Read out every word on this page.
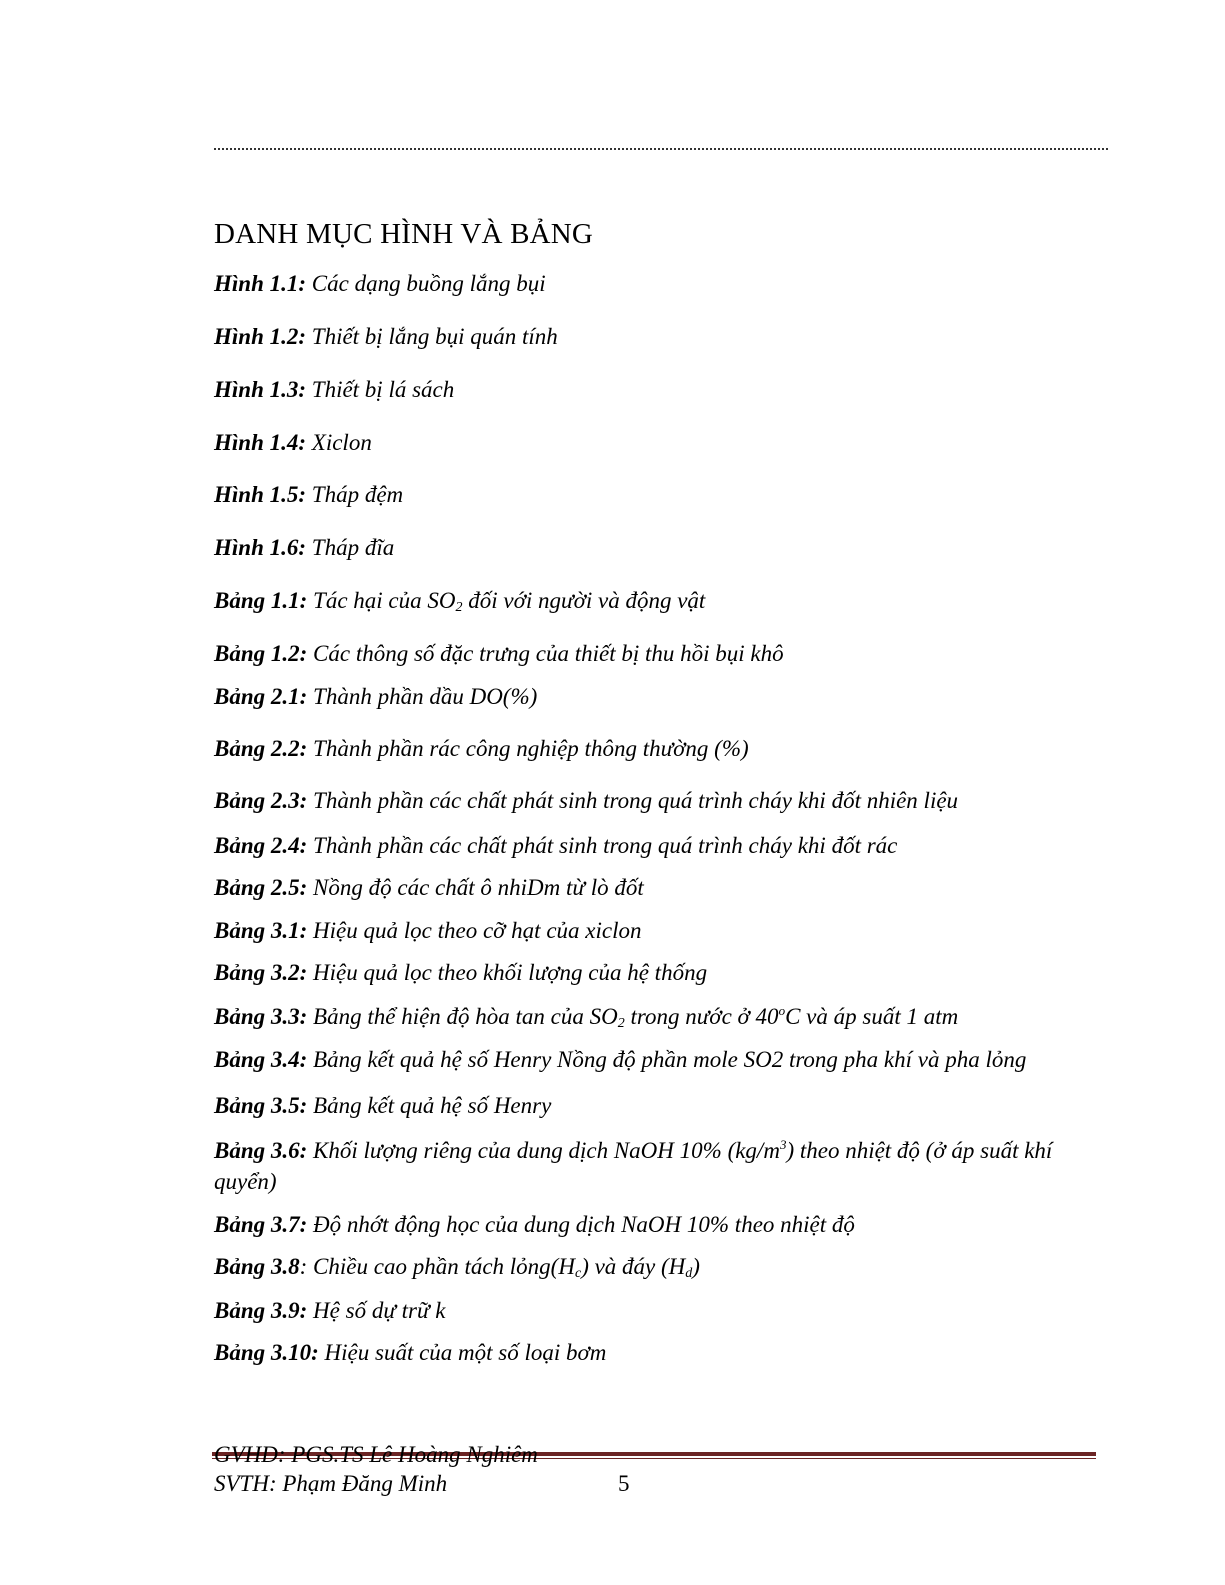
DANH MỤC HÌNH VÀ BẢNG
Hình 1.1: Các dạng buồng lắng bụi
Hình 1.2: Thiết bị lắng bụi quán tính
Hình 1.3: Thiết bị lá sách
Hình 1.4: Xiclon
Hình 1.5: Tháp đệm
Hình 1.6: Tháp đĩa
Bảng 1.1: Tác hại của $SO_2$ đối với người và động vật
Bảng 1.2: Các thông số đặc trưng của thiết bị thu hồi bụi khô
Bảng 2.1: Thành phần dầu DO(%)
Bảng 2.2: Thành phần rác công nghiệp thông thường (%)
Bảng 2.3: Thành phần các chất phát sinh trong quá trình cháy khi đốt nhiên liệu
Bảng 2.4: Thành phần các chất phát sinh trong quá trình cháy khi đốt rác
Bảng 2.5: Nồng độ các chất ô nhiDm từ lò đốt
Bảng 3.1: Hiệu quả lọc theo cỡ hạt của xiclon
Bảng 3.2: Hiệu quả lọc theo khối lượng của hệ thống
Bảng 3.3: Bảng thể hiện độ hòa tan của $SO_2$ trong nước ở 40$^o$C và áp suất 1 atm
Bảng 3.4: Bảng kết quả hệ số Henry Nồng độ phần mole SO2 trong pha khí và pha lỏng
Bảng 3.5: Bảng kết quả hệ số Henry
Bảng 3.6: Khối lượng riêng của dung dịch NaOH 10% $(kg/m^3)$ theo nhiệt độ (ở áp suất khí quyển)
Bảng 3.7: Độ nhớt động học của dung dịch NaOH 10% theo nhiệt độ
Bảng 3.8: Chiều cao phần tách $lỏng(H_c)$ và đáy $(H_d)$
Bảng 3.9: Hệ số dự trữ k
Bảng 3.10: Hiệu suất của một số loại bơm
GVHD: PGS.TS Lê Hoàng Nghiêm
SVTH: Phạm Đăng Minh	5
